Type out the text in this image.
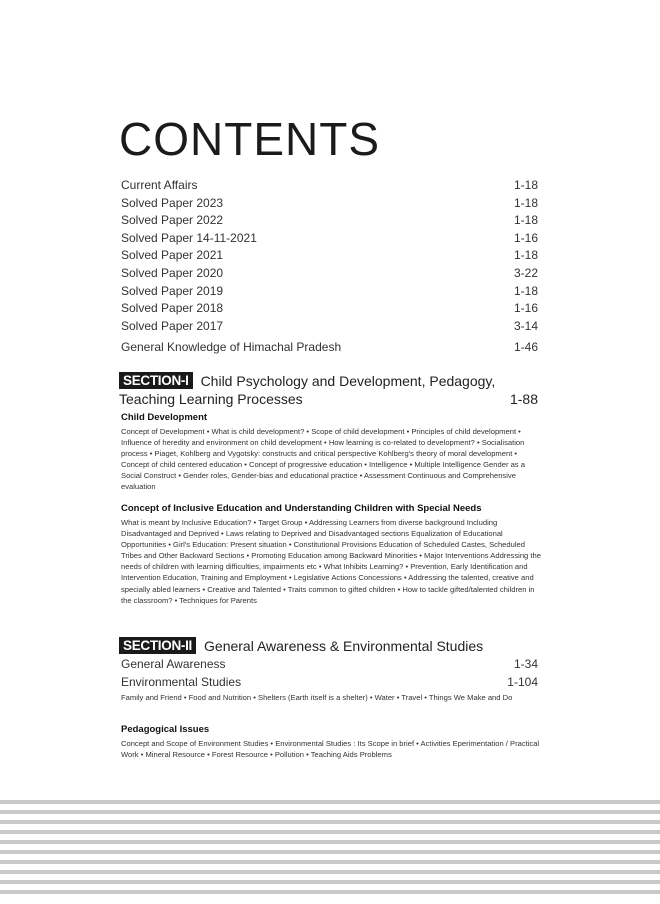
CONTENTS
Current Affairs	1-18
Solved Paper 2023	1-18
Solved Paper 2022	1-18
Solved Paper 14-11-2021	1-16
Solved Paper 2021	1-18
Solved Paper 2020	3-22
Solved Paper 2019	1-18
Solved Paper 2018	1-16
Solved Paper 2017	3-14
General Knowledge of Himachal Pradesh	1-46
SECTION-I Child Psychology and Development, Pedagogy,
Teaching Learning Processes	1-88
Child Development
Concept of Development • What is child development? • Scope of child development • Principles of child development • Influence of heredity and environment on child development • How learning is co-related to development? • Socialisation process • Piaget, Kohlberg and Vygotsky: constructs and critical perspective Kohlberg's theory of moral development • Concept of child centered education • Concept of progressive education • Intelligence • Multiple Intelligence Gender as a Social Construct • Gender roles, Gender-bias and educational practice • Assessment Continuous and Comprehensive evaluation
Concept of Inclusive Education and Understanding Children with Special Needs
What is meant by Inclusive Education? • Target Group • Addressing Learners from diverse background Including Disadvantaged and Deprived • Laws relating to Deprived and Disadvantaged sections Equalization of Educational Opportunities • Girl's Education: Present situation • Constitutional Provisions Education of Scheduled Castes, Scheduled Tribes and Other Backward Sections • Promoting Education among Backward Minorities • Major Interventions Addressing the needs of children with learning difficulties, impairments etc • What Inhibits Learning? • Prevention, Early Identification and Intervention Education, Training and Employment • Legislative Actions Concessions • Addressing the talented, creative and specially abled learners • Creative and Talented • Traits common to gifted children • How to tackle gifted/talented children in the classroom? • Techniques for Parents
SECTION-II General Awareness & Environmental Studies
General Awareness	1-34
Environmental Studies	1-104
Family and Friend • Food and Nutrition • Shelters (Earth itself is a shelter) • Water • Travel • Things We Make and Do
Pedagogical Issues
Concept and Scope of Environment Studies • Environmental Studies : Its Scope in brief • Activities Eperimentation / Practical Work • Mineral Resource • Forest Resource • Pollution • Teaching Aids Problems
